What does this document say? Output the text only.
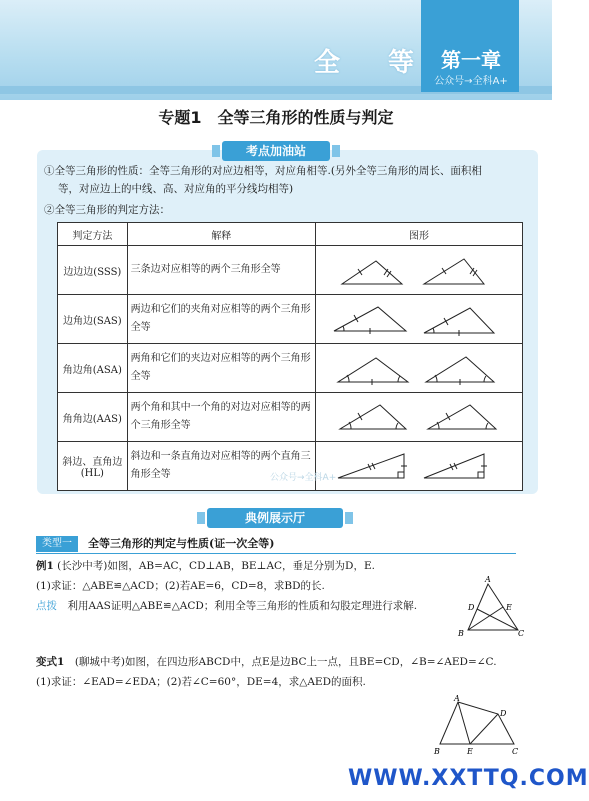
全 等	第一章
公众号→全科A+
专题1　全等三角形的性质与判定
考点加油站
①全等三角形的性质：全等三角形的对应边相等，对应角相等.(另外全等三角形的周长、面积相
等，对应边上的中线、高、对应角的平分线均相等)
②全等三角形的判定方法：
判定方法	解释	图形
边边边(SSS)	三条边对应相等的两个三角形全等	

边角边(SAS)	两边和它们的夹角对应相等的两个三角形全等	

角边角(ASA)	两角和它们的夹边对应相等的两个三角形全等	

角角边(AAS)	两个角和其中一个角的对边对应相等的两个三角形全等	

斜边、直角边(HL)	斜边和一条直角边对应相等的两个直角三角形全等		公众号→全科A+
典例展示厅
类型一	全等三角形的判定与性质(证一次全等)
例1 (长沙中考)如图，AB=AC，CD⊥AB，BE⊥AC，垂足分别为D，E.
(1)求证：△ABE≌△ACD；(2)若AE=6，CD=8，求BD的长.
点拨　 利用AAS证明△ABE≌△ACD；利用全等三角形的性质和勾股定理进行求解.
A
D	E
B	C
变式1　 (聊城中考)如图，在四边形ABCD中，点E是边BC上一点，且BE=CD，∠B=∠AED=∠C.
(1)求证：∠EAD=∠EDA；(2)若∠C=60°，DE=4，求△AED的面积.
A
D
B	E	C
WWW.XXTTQ.COM
